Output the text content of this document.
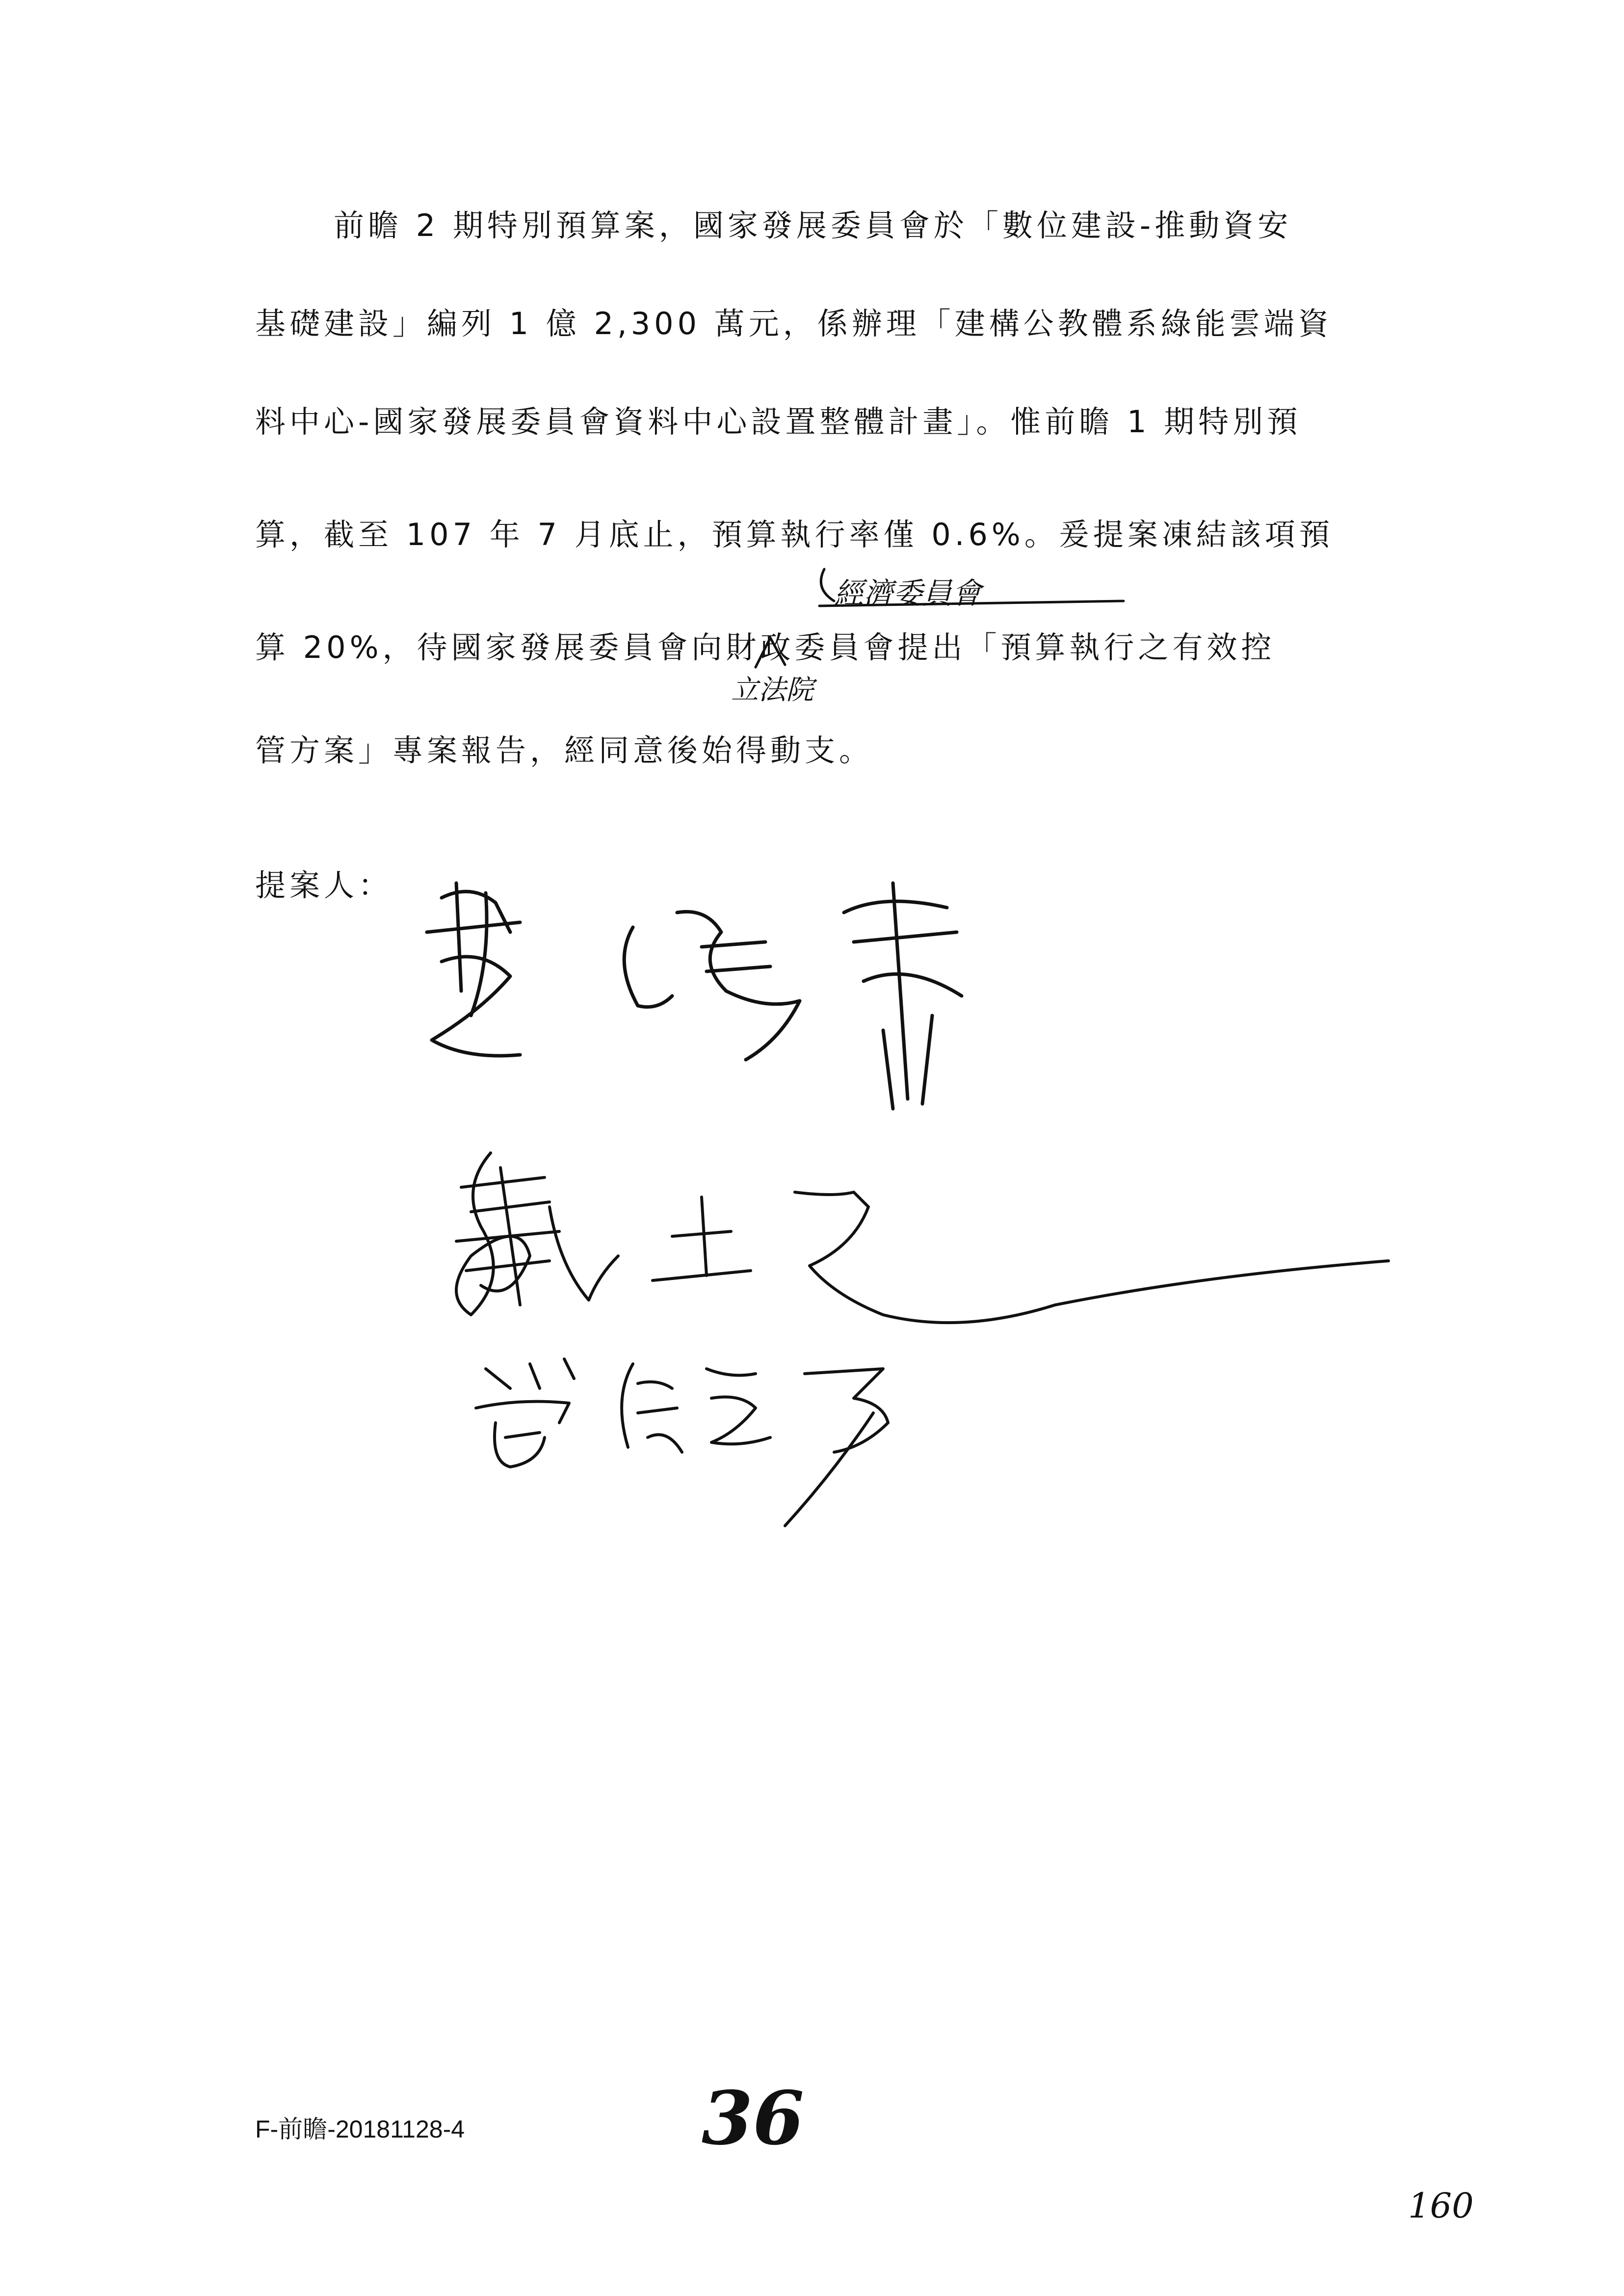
前瞻 2 期特別預算案，國家發展委員會於「數位建設-推動資安
基礎建設」編列 1 億 2,300 萬元，係辦理「建構公教體系綠能雲端資
料中心-國家發展委員會資料中心設置整體計畫」。惟前瞻 1 期特別預
算，截至 107 年 7 月底止，預算執行率僅 0.6%。爰提案凍結該項預
算 20%，待國家發展委員會向財政委員會提出「預算執行之有效控
管方案」專案報告，經同意後始得動支。
提案人：
F-前瞻-20181128-4
經濟委員會
立法院
36
160
